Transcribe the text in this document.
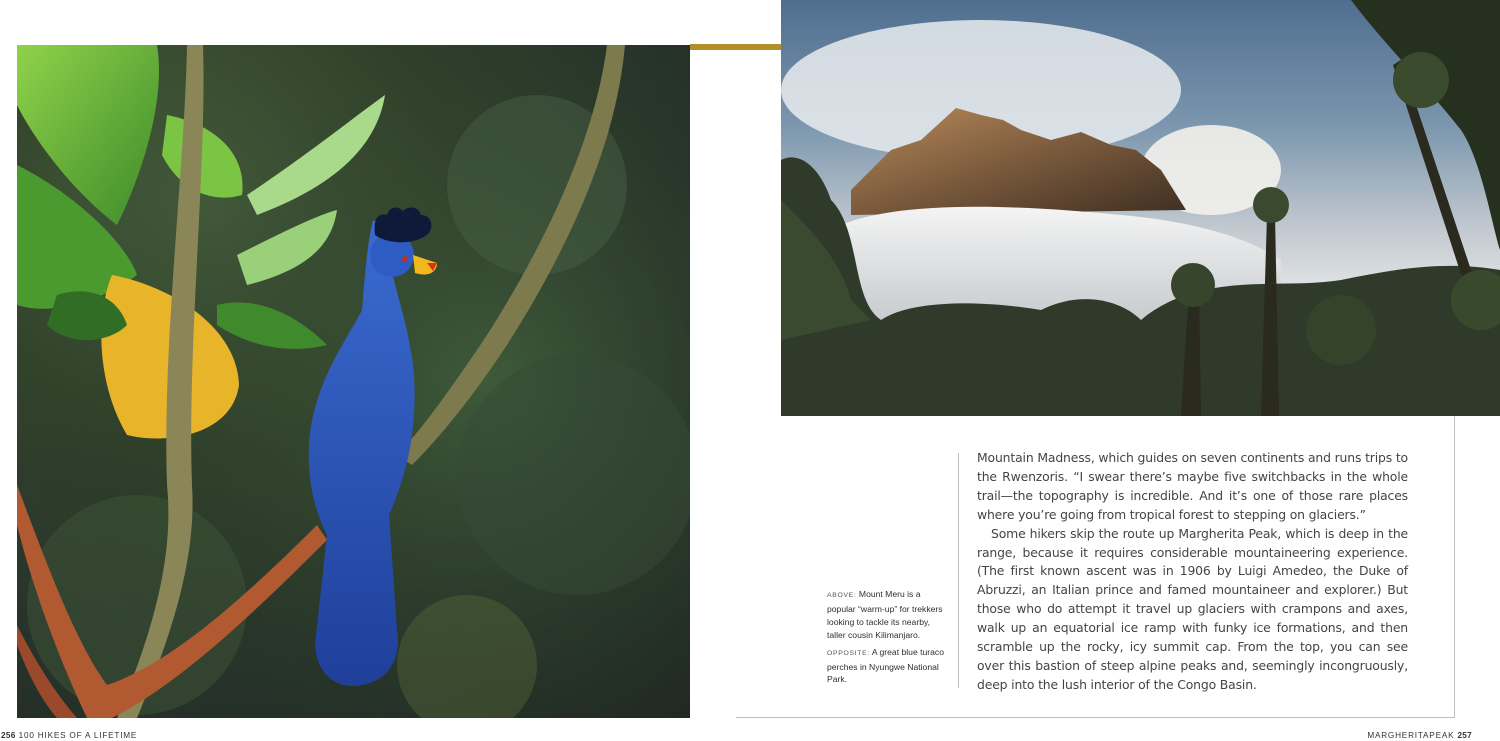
ABOVE: Mount Meru is a popular “warm-up” for trekkers looking to tackle its nearby, taller cousin Kilimanjaro.
OPPOSITE: A great blue turaco perches in Nyungwe National Park.

Mountain Madness, which guides on seven continents and runs trips to the Rwenzoris. “I swear there’s maybe five switchbacks in the whole trail—the topography is incredible. And it’s one of those rare places where you’re going from tropical forest to stepping on glaciers.”

Some hikers skip the route up Margherita Peak, which is deep in the range, because it requires considerable mountaineering experience. (The first known ascent was in 1906 by Luigi Amedeo, the Duke of Abruzzi, an Italian prince and famed mountaineer and explorer.) But those who do attempt it travel up glaciers with crampons and axes, walk up an equatorial ice ramp with funky ice formations, and then scramble up the rocky, icy summit cap. From the top, you can see over this bastion of steep alpine peaks and, seemingly incongruously, deep into the lush interior of the Congo Basin.

256 100 HIKES OF A LIFETIME	MARGHERITAPEAK 257
